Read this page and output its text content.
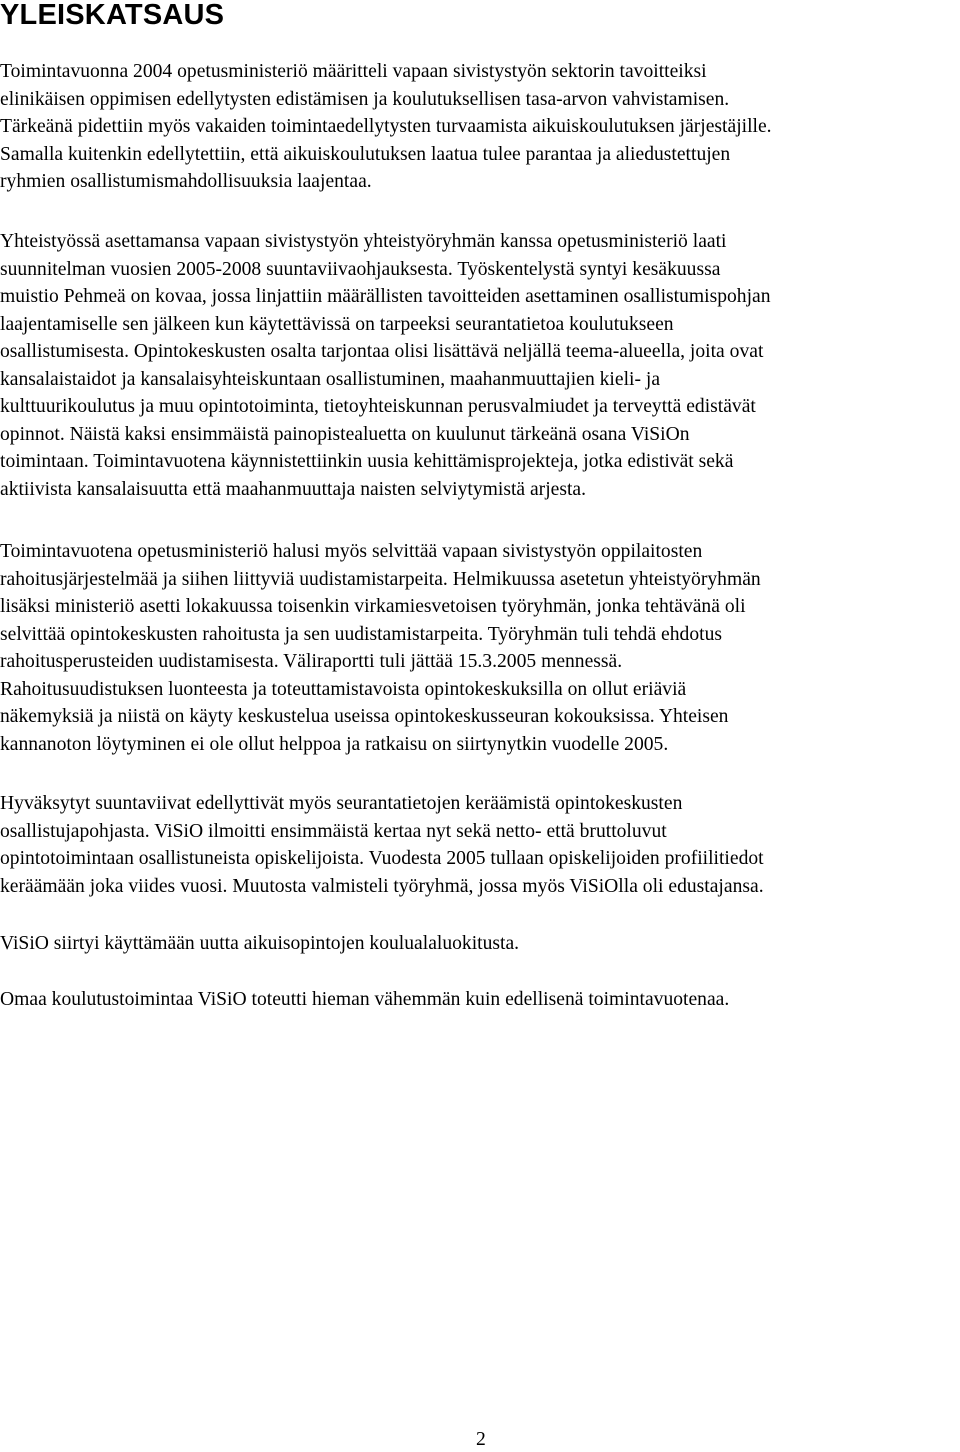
YLEISKATSAUS

Toimintavuonna 2004 opetusministeriö määritteli vapaan sivistystyön sektorin tavoitteiksi
elinikäisen oppimisen edellytysten edistämisen ja koulutuksellisen tasa-arvon vahvistamisen.
Tärkeänä pidettiin myös vakaiden toimintaedellytysten turvaamista aikuiskoulutuksen järjestäjille.
Samalla kuitenkin edellytettiin, että aikuiskoulutuksen laatua tulee parantaa ja aliedustettujen
ryhmien osallistumismahdollisuuksia laajentaa.

Yhteistyössä asettamansa vapaan sivistystyön yhteistyöryhmän kanssa opetusministeriö laati
suunnitelman vuosien 2005-2008 suuntaviivaohjauksesta. Työskentelystä syntyi kesäkuussa
muistio Pehmeä on kovaa, jossa linjattiin määrällisten tavoitteiden asettaminen osallistumispohjan
laajentamiselle sen jälkeen kun käytettävissä on tarpeeksi seurantatietoa koulutukseen
osallistumisesta. Opintokeskusten osalta tarjontaa olisi lisättävä neljällä teema-alueella, joita ovat
kansalaistaidot ja kansalaisyhteiskuntaan osallistuminen, maahanmuuttajien kieli- ja
kulttuurikoulutus ja muu opintotoiminta, tietoyhteiskunnan perusvalmiudet ja terveyttä edistävät
opinnot. Näistä kaksi ensimmäistä painopistealuetta on kuulunut tärkeänä osana ViSiOn
toimintaan. Toimintavuotena käynnistettiinkin uusia kehittämisprojekteja, jotka edistivät sekä
aktiivista kansalaisuutta että maahanmuuttaja naisten selviytymistä arjesta.

Toimintavuotena opetusministeriö halusi myös selvittää vapaan sivistystyön oppilaitosten
rahoitusjärjestelmää ja siihen liittyviä uudistamistarpeita. Helmikuussa asetetun yhteistyöryhmän
lisäksi ministeriö asetti lokakuussa toisenkin virkamiesvetoisen työryhmän, jonka tehtävänä oli
selvittää opintokeskusten rahoitusta ja sen uudistamistarpeita. Työryhmän tuli tehdä ehdotus
rahoitusperusteiden uudistamisesta. Väliraportti tuli jättää 15.3.2005 mennessä.
Rahoitusuudistuksen luonteesta ja toteuttamistavoista opintokeskuksilla on ollut eriäviä
näkemyksiä ja niistä on käyty keskustelua useissa opintokeskusseuran kokouksissa. Yhteisen
kannanoton löytyminen ei ole ollut helppoa ja ratkaisu on siirtynytkin vuodelle 2005.

Hyväksytyt suuntaviivat edellyttivät myös seurantatietojen keräämistä opintokeskusten
osallistujapohjasta. ViSiO ilmoitti ensimmäistä kertaa nyt sekä netto- että bruttoluvut
opintotoimintaan osallistuneista opiskelijoista. Vuodesta 2005 tullaan opiskelijoiden profiilitiedot
keräämään joka viides vuosi. Muutosta valmisteli työryhmä, jossa myös ViSiOlla oli edustajansa.

ViSiO siirtyi käyttämään uutta aikuisopintojen koulualaluokitusta.

Omaa koulutustoimintaa ViSiO toteutti hieman vähemmän kuin edellisenä toimintavuotenaa.

2
